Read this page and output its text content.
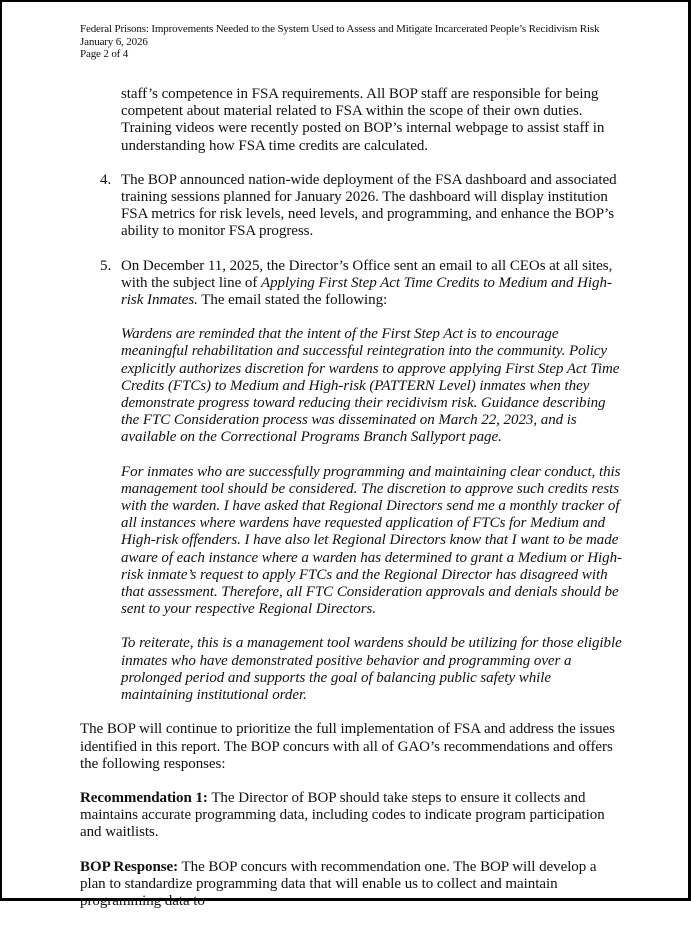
Federal Prisons: Improvements Needed to the System Used to Assess and Mitigate Incarcerated People’s Recidivism Risk
January 6, 2026
Page 2 of 4

staff’s competence in FSA requirements. All BOP staff are responsible for being competent about material related to FSA within the scope of their own duties. Training videos were recently posted on BOP’s internal webpage to assist staff in understanding how FSA time credits are calculated.

4. The BOP announced nation-wide deployment of the FSA dashboard and associated training sessions planned for January 2026. The dashboard will display institution FSA metrics for risk levels, need levels, and programming, and enhance the BOP’s ability to monitor FSA progress.
5. On December 11, 2025, the Director’s Office sent an email to all CEOs at all sites, with the subject line of Applying First Step Act Time Credits to Medium and High-risk Inmates. The email stated the following:

Wardens are reminded that the intent of the First Step Act is to encourage meaningful rehabilitation and successful reintegration into the community. Policy explicitly authorizes discretion for wardens to approve applying First Step Act Time Credits (FTCs) to Medium and High-risk (PATTERN Level) inmates when they demonstrate progress toward reducing their recidivism risk. Guidance describing the FTC Consideration process was disseminated on March 22, 2023, and is available on the Correctional Programs Branch Sallyport page.

For inmates who are successfully programming and maintaining clear conduct, this management tool should be considered. The discretion to approve such credits rests with the warden. I have asked that Regional Directors send me a monthly tracker of all instances where wardens have requested application of FTCs for Medium and High-risk offenders. I have also let Regional Directors know that I want to be made aware of each instance where a warden has determined to grant a Medium or High-risk inmate’s request to apply FTCs and the Regional Director has disagreed with that assessment. Therefore, all FTC Consideration approvals and denials should be sent to your respective Regional Directors.

To reiterate, this is a management tool wardens should be utilizing for those eligible inmates who have demonstrated positive behavior and programming over a prolonged period and supports the goal of balancing public safety while maintaining institutional order.

The BOP will continue to prioritize the full implementation of FSA and address the issues identified in this report. The BOP concurs with all of GAO’s recommendations and offers the following responses:

Recommendation 1: The Director of BOP should take steps to ensure it collects and maintains accurate programming data, including codes to indicate program participation and waitlists.

BOP Response: The BOP concurs with recommendation one. The BOP will develop a plan to standardize programming data that will enable us to collect and maintain programming data to
